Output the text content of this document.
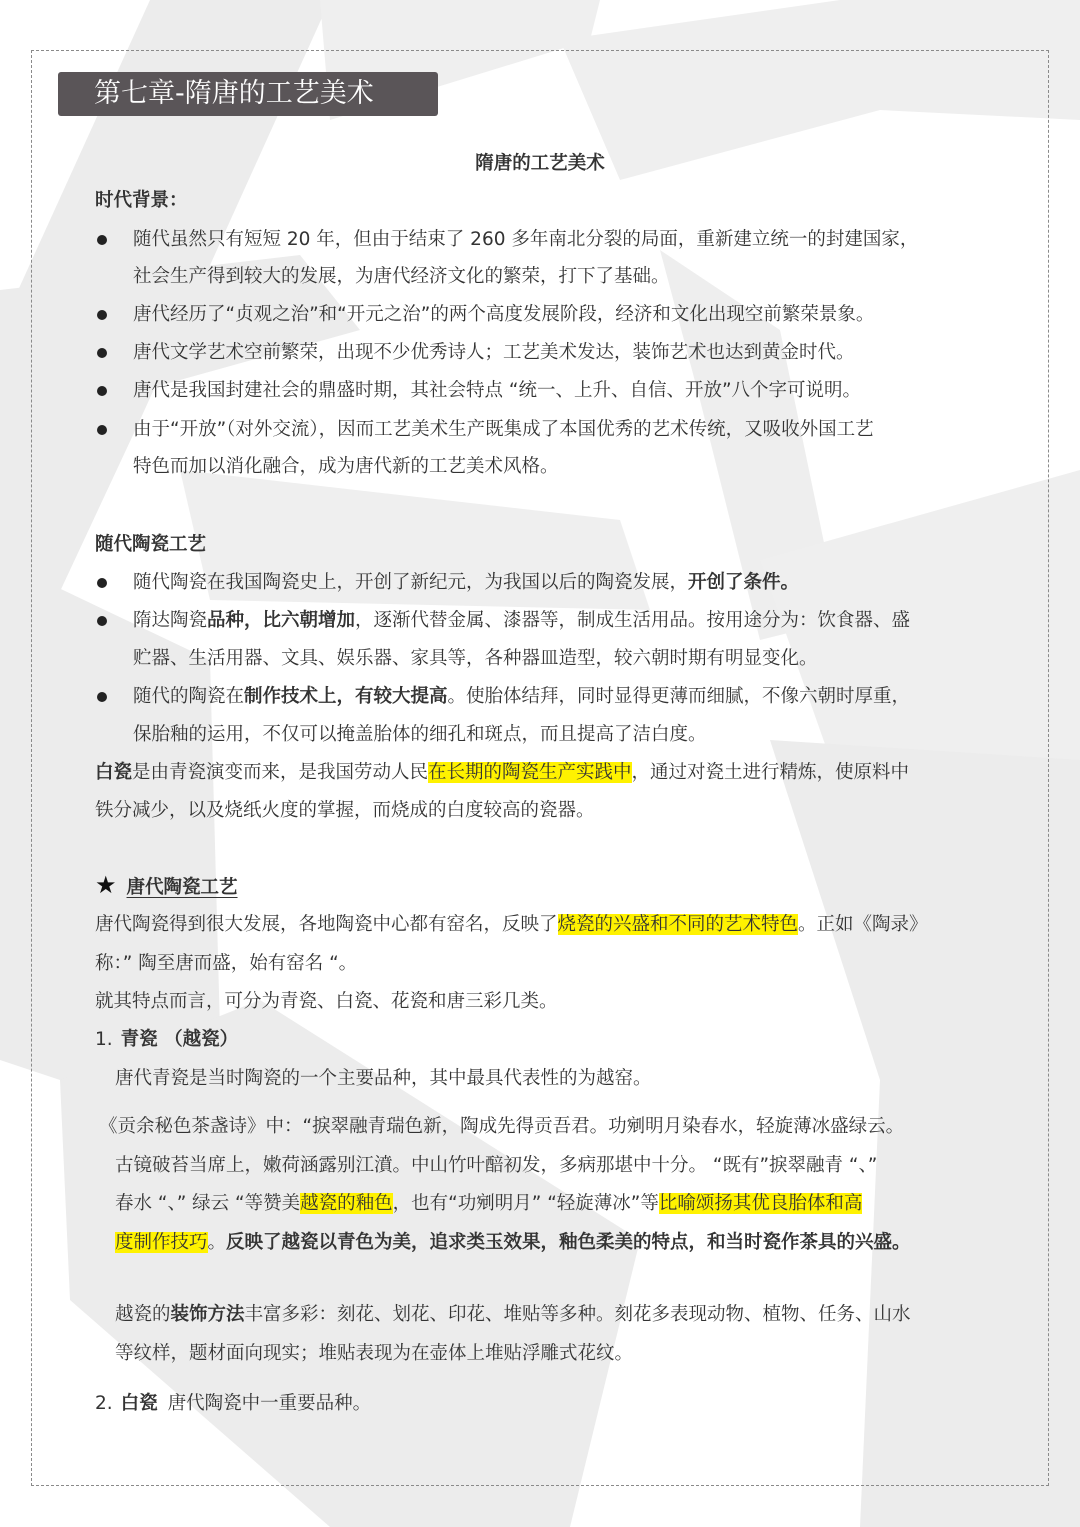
第七章-隋唐的工艺美术
隋唐的工艺美术
时代背景：
随代虽然只有短短 20 年，但由于结束了 260 多年南北分裂的局面，重新建立统一的封建国家，
社会生产得到较大的发展，为唐代经济文化的繁荣，打下了基础。
唐代经历了“贞观之治”和“开元之治”的两个高度发展阶段，经济和文化出现空前繁荣景象。
唐代文学艺术空前繁荣，出现不少优秀诗人；工艺美术发达，装饰艺术也达到黄金时代。
唐代是我国封建社会的鼎盛时期，其社会特点 “统一、上升、自信、开放”八个字可说明。
由于“开放”（对外交流），因而工艺美术生产既集成了本国优秀的艺术传统，又吸收外国工艺
特色而加以消化融合，成为唐代新的工艺美术风格。
随代陶瓷工艺
随代陶瓷在我国陶瓷史上，开创了新纪元，为我国以后的陶瓷发展，开创了条件。
隋达陶瓷品种，比六朝增加，逐渐代替金属、漆器等，制成生活用品。按用途分为：饮食器、盛
贮器、生活用器、文具、娱乐器、家具等，各种器皿造型，较六朝时期有明显变化。
随代的陶瓷在制作技术上，有较大提高。使胎体结拜，同时显得更薄而细腻，不像六朝时厚重，
保胎釉的运用，不仅可以掩盖胎体的细孔和斑点，而且提高了洁白度。
白瓷是由青瓷演变而来，是我国劳动人民在长期的陶瓷生产实践中，通过对瓷土进行精炼，使原料中
铁分减少，以及烧纸火度的掌握，而烧成的白度较高的瓷器。
★ 唐代陶瓷工艺
唐代陶瓷得到很大发展，各地陶瓷中心都有窑名，反映了烧瓷的兴盛和不同的艺术特色。正如《陶录》
称：” 陶至唐而盛，始有窑名 “。
就其特点而言，可分为青瓷、白瓷、花瓷和唐三彩几类。
1. 青瓷 （越瓷）
唐代青瓷是当时陶瓷的一个主要品种，其中最具代表性的为越窑。
《贡余秘色茶盏诗》中：“捩翠融青瑞色新，陶成先得贡吾君。功剜明月染春水，轻旋薄冰盛绿云。
古镜破苔当席上，嫩荷涵露别江濆。中山竹叶醅初发，多病那堪中十分。 “既有”捩翠融青 “、”
春水 “、” 绿云 “等赞美越瓷的釉色，也有“功剜明月” “轻旋薄冰”等比喻颂扬其优良胎体和高
度制作技巧。反映了越瓷以青色为美，追求类玉效果，釉色柔美的特点，和当时瓷作茶具的兴盛。
越瓷的装饰方法丰富多彩：刻花、划花、印花、堆贴等多种。刻花多表现动物、植物、任务、山水
等纹样，题材面向现实；堆贴表现为在壶体上堆贴浮雕式花纹。
2. 白瓷 唐代陶瓷中一重要品种。
